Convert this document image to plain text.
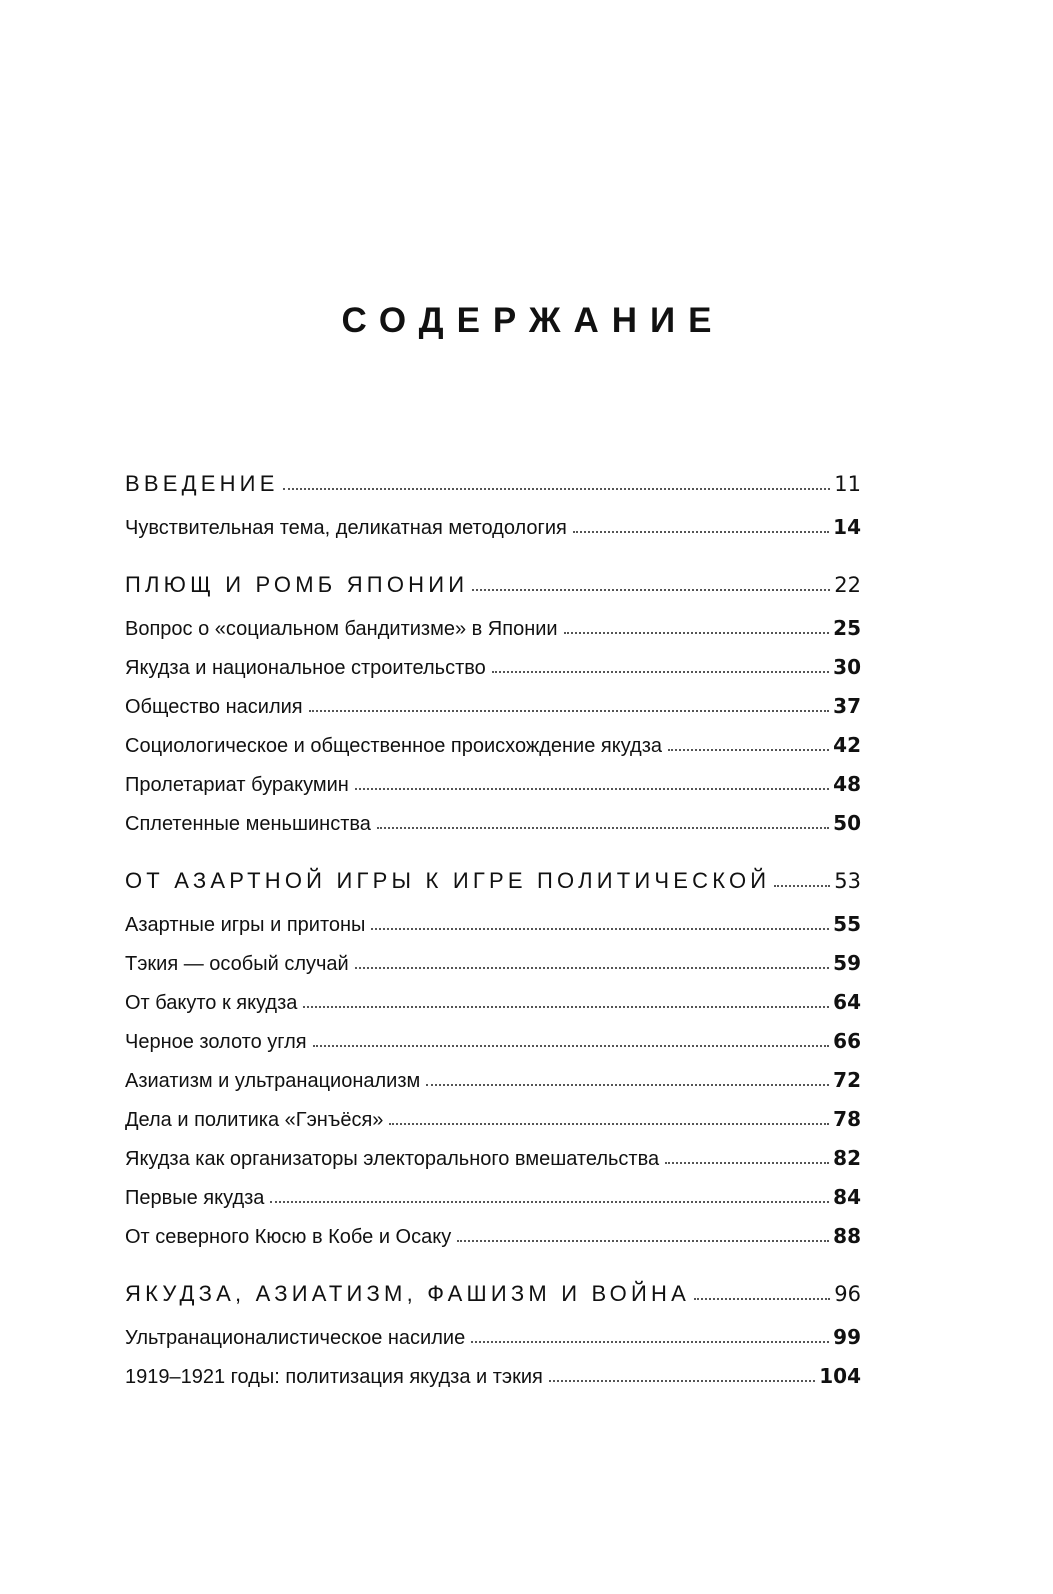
СОДЕРЖАНИЕ
ВВЕДЕНИЕ	11
Чувствительная тема, деликатная методология	14
ПЛЮЩ И РОМБ ЯПОНИИ	22
Вопрос о «социальном бандитизме» в Японии	25
Якудза и национальное строительство	30
Общество насилия	37
Социологическое и общественное происхождение якудза	42
Пролетариат буракумин	48
Сплетенные меньшинства	50
ОТ АЗАРТНОЙ ИГРЫ К ИГРЕ ПОЛИТИЧЕСКОЙ	53
Азартные игры и притоны	55
Тэкия — особый случай	59
От бакуто к якудза	64
Черное золото угля	66
Азиатизм и ультранационализм	72
Дела и политика «Гэнъёся»	78
Якудза как организаторы электорального вмешательства	82
Первые якудза	84
От северного Кюсю в Кобе и Осаку	88
ЯКУДЗА, АЗИАТИЗМ, ФАШИЗМ И ВОЙНА	96
Ультранационалистическое насилие	99
1919–1921 годы: политизация якудза и тэкия	104
